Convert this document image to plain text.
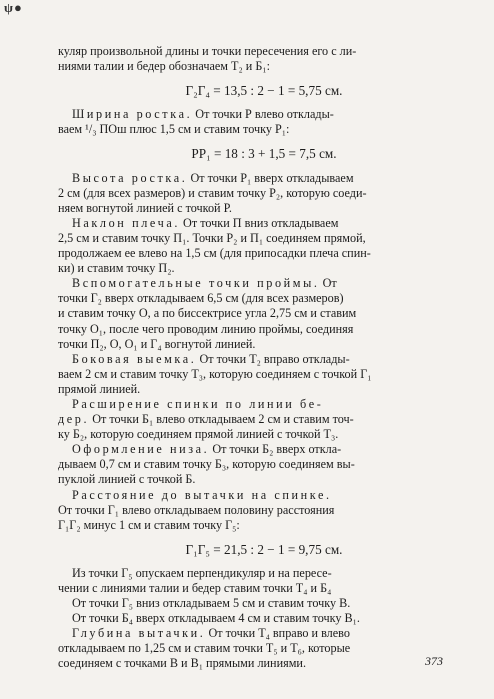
ψ●

куляр произвольной длины и точки пересечения его с ли-

ниями талии и бедер обозначаем T₂ и Б₁:

Г₂Г₄ = 13,5 : 2 − 1 = 5,75 см.

Ширина ростка. От точки Р влево отклады-

ваем ¹/₃ ПОш плюс 1,5 см и ставим точку Р₁:

РР₁ = 18 : 3 + 1,5 = 7,5 см.

Высота ростка. От точки Р₁ вверх откладываем

2 см (для всех размеров) и ставим точку Р₂, которую соеди-

няем вогнутой линией с точкой Р.

Наклон плеча. От точки П вниз откладываем

2,5 см и ставим точку П₁. Точки Р₂ и П₁ соединяем прямой,

продолжаем ее влево на 1,5 см (для припосадки плеча спин-

ки) и ставим точку П₂.

Вспомогательные точки проймы. От

точки Г₂ вверх откладываем 6,5 см (для всех размеров)

и ставим точку О, а по биссектрисе угла 2,75 см и ставим

точку О₁, после чего проводим линию проймы, соединяя

точки П₂, О, О₁ и Г₄ вогнутой линией.

Боковая выемка. От точки T₂ вправо отклады-

ваем 2 см и ставим точку T₃, которую соединяем с точкой Г₁

прямой линией.

Расширение спинки по линии бе-

дер. От точки Б₁ влево откладываем 2 см и ставим точ-

ку Б₂, которую соединяем прямой линией с точкой T₃.

Оформление низа. От точки Б₂ вверх откла-

дываем 0,7 см и ставим точку Б₃, которую соединяем вы-

пуклой линией с точкой Б.

Расстояние до вытачки на спинке.

От точки Г₁ влево откладываем половину расстояния

Г₁Г₂ минус 1 см и ставим точку Г₅:

Г₁Г₅ = 21,5 : 2 − 1 = 9,75 см.

Из точки Г₅ опускаем перпендикуляр и на пересе-

чении с линиями талии и бедер ставим точки T₄ и Б₄

От точки Г₅ вниз откладываем 5 см и ставим точку В.

От точки Б₄ вверх откладываем 4 см и ставим точку В₁.

Глубина вытачки. От точки T₄ вправо и влево

откладываем по 1,25 см и ставим точки T₅ и T₆, которые

соединяем с точками В и В₁ прямыми линиями.	373
